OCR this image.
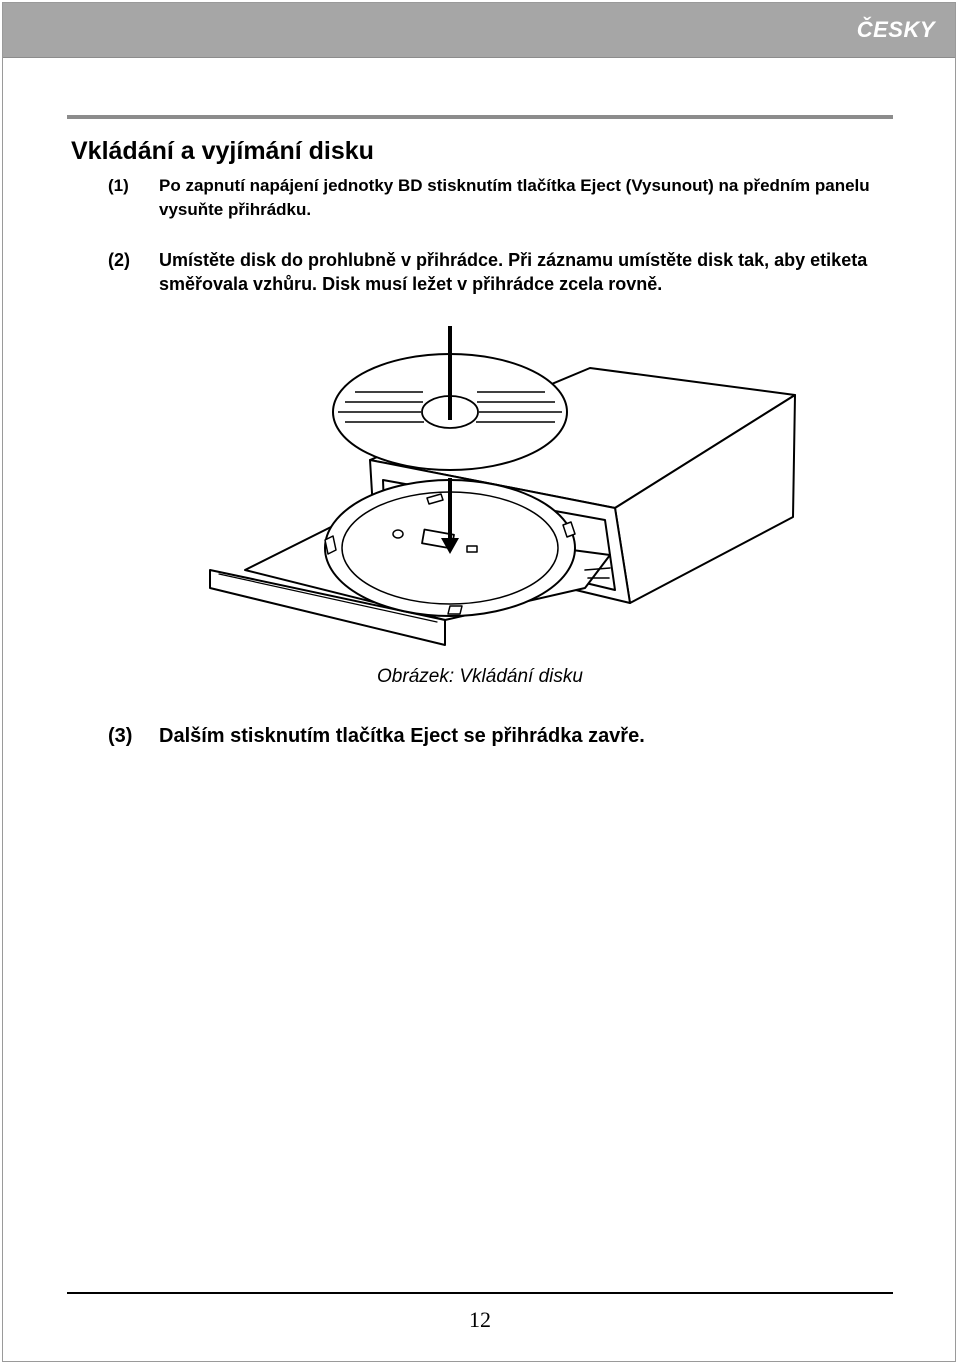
ČESKY
Vkládání a vyjímání disku
(1)	Po zapnutí napájení jednotky BD stisknutím tlačítka Eject (Vysunout) na předním panelu vysuňte přihrádku.
(2)	Umístěte disk do prohlubně v přihrádce. Při záznamu umístěte disk tak, aby etiketa směřovala vzhůru. Disk musí ležet v přihrádce zcela rovně.
Obrázek: Vkládání disku
(3)	Dalším stisknutím tlačítka Eject se přihrádka zavře.
12
